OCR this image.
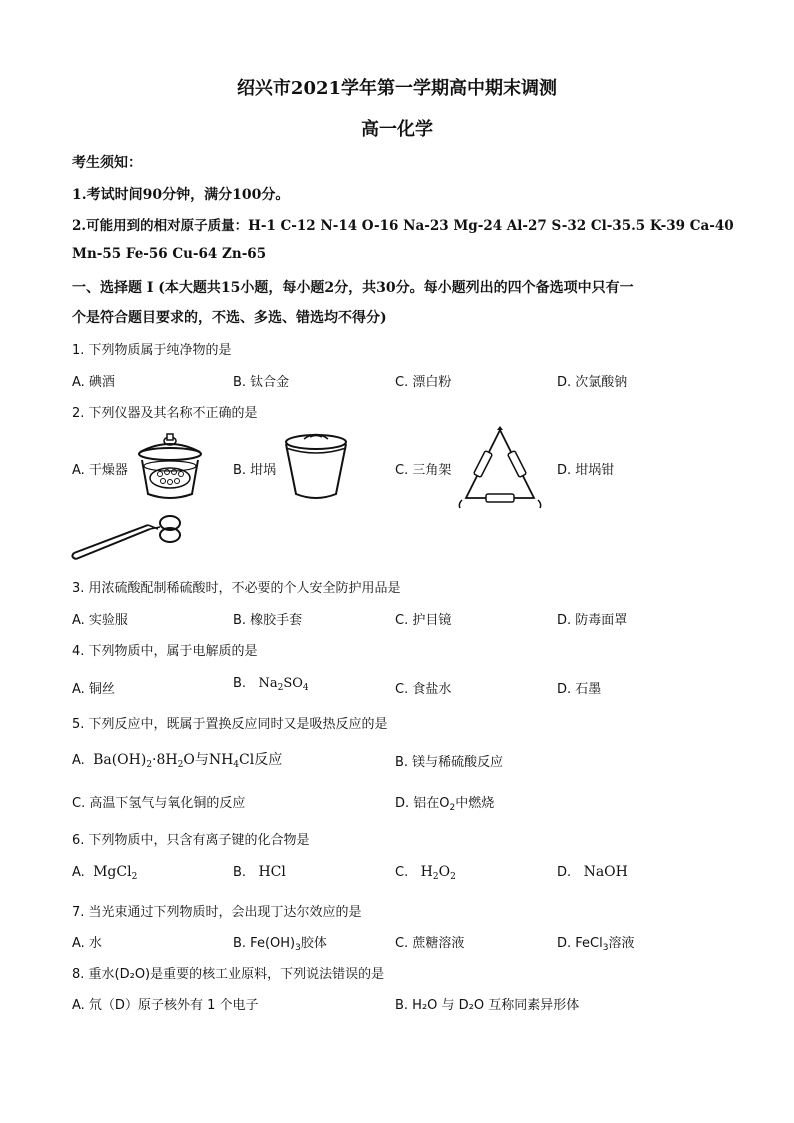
绍兴市2021学年第一学期高中期末调测
高一化学
考生须知：
1.考试时间90分钟，满分100分。
2.可能用到的相对原子质量：H-1 C-12 N-14 O-16 Na-23 Mg-24 Al-27 S-32 Cl-35.5 K-39 Ca-40
Mn-55 Fe-56 Cu-64 Zn-65
一、选择题 I (本大题共15小题，每小题2分，共30分。每小题列出的四个备选项中只有一
个是符合题目要求的，不选、多选、错选均不得分)
1. 下列物质属于纯净物的是
A. 碘酒	B. 钛合金	C. 漂白粉	D. 次氯酸钠
2. 下列仪器及其名称不正确的是
A. 干燥器	B. 坩埚	C. 三角架	D. 坩埚钳
3. 用浓硫酸配制稀硫酸时，不必要的个人安全防护用品是
A. 实验服	B. 橡胶手套	C. 护目镜	D. 防毒面罩
4. 下列物质中，属于电解质的是
A. 铜丝	B. $Na_2SO_4$	C. 食盐水	D. 石墨
5. 下列反应中，既属于置换反应同时又是吸热反应的是
A. $Ba(OH)_2\cdot 8H_2O$与$NH_4Cl$反应	B. 镁与稀硫酸反应
C. 高温下氢气与氧化铜的反应	D. 铝在$O_2$中燃烧
6. 下列物质中，只含有离子键的化合物是
A. MgCl$_2$	B. HCl	C. $H_2O_2$	D. NaOH
7. 当光束通过下列物质时，会出现丁达尔效应的是
A. 水	B. $Fe(OH)_3$胶体	C. 蔗糖溶液	D. FeCl$_3$溶液
8. 重水(D₂O)是重要的核工业原料，下列说法错误的是
A. 氘（D）原子核外有 1 个电子	B. H₂O 与 D₂O 互称同素异形体
